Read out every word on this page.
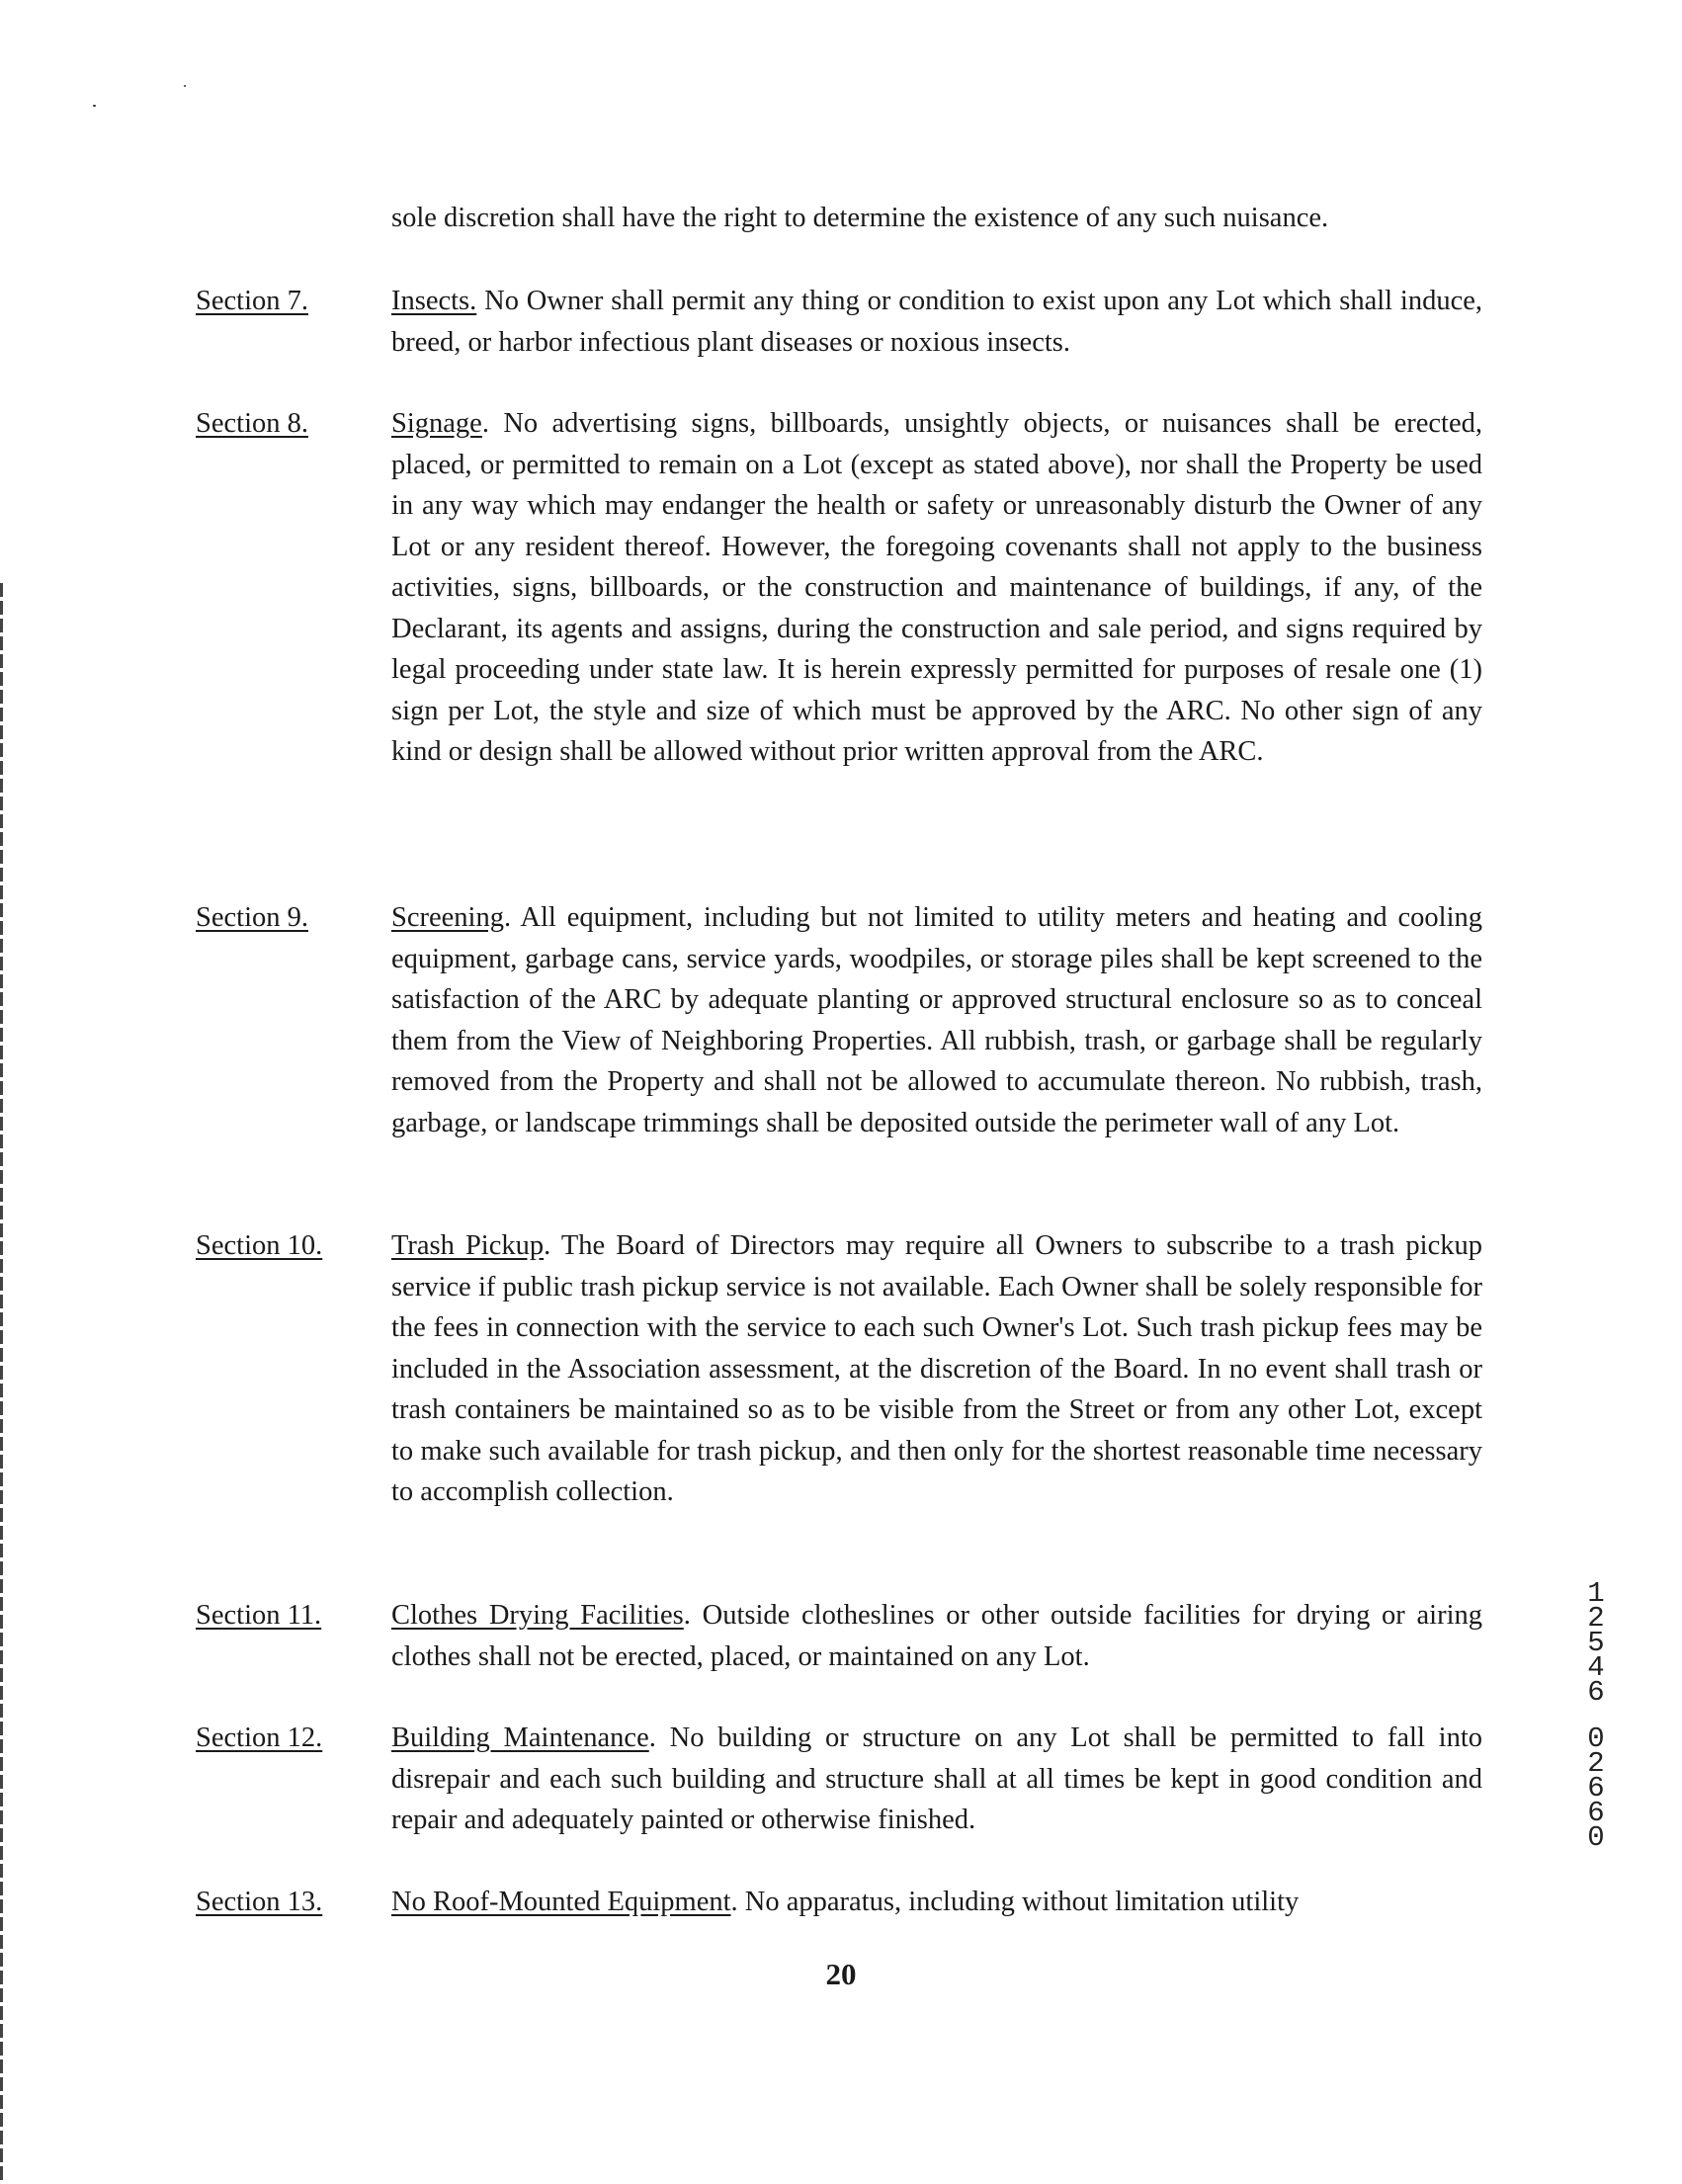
sole discretion shall have the right to determine the existence of any such nuisance.
Section 7.	Insects. No Owner shall permit any thing or condition to exist upon any Lot which shall induce, breed, or harbor infectious plant diseases or noxious insects.
Section 8.	Signage. No advertising signs, billboards, unsightly objects, or nuisances shall be erected, placed, or permitted to remain on a Lot (except as stated above), nor shall the Property be used in any way which may endanger the health or safety or unreasonably disturb the Owner of any Lot or any resident thereof. However, the foregoing covenants shall not apply to the business activities, signs, billboards, or the construction and maintenance of buildings, if any, of the Declarant, its agents and assigns, during the construction and sale period, and signs required by legal proceeding under state law. It is herein expressly permitted for purposes of resale one (1) sign per Lot, the style and size of which must be approved by the ARC. No other sign of any kind or design shall be allowed without prior written approval from the ARC.
Section 9.	Screening. All equipment, including but not limited to utility meters and heating and cooling equipment, garbage cans, service yards, woodpiles, or storage piles shall be kept screened to the satisfaction of the ARC by adequate planting or approved structural enclosure so as to conceal them from the View of Neighboring Properties. All rubbish, trash, or garbage shall be regularly removed from the Property and shall not be allowed to accumulate thereon. No rubbish, trash, garbage, or landscape trimmings shall be deposited outside the perimeter wall of any Lot.
Section 10.	Trash Pickup. The Board of Directors may require all Owners to subscribe to a trash pickup service if public trash pickup service is not available. Each Owner shall be solely responsible for the fees in connection with the service to each such Owner's Lot. Such trash pickup fees may be included in the Association assessment, at the discretion of the Board. In no event shall trash or trash containers be maintained so as to be visible from the Street or from any other Lot, except to make such available for trash pickup, and then only for the shortest reasonable time necessary to accomplish collection.
Section 11.	Clothes Drying Facilities. Outside clotheslines or other outside facilities for drying or airing clothes shall not be erected, placed, or maintained on any Lot.
Section 12.	Building Maintenance. No building or structure on any Lot shall be permitted to fall into disrepair and each such building and structure shall at all times be kept in good condition and repair and adequately painted or otherwise finished.
Section 13.	No Roof-Mounted Equipment. No apparatus, including without limitation utility
20
1
2
5
4
6
0
2
6
6
0
